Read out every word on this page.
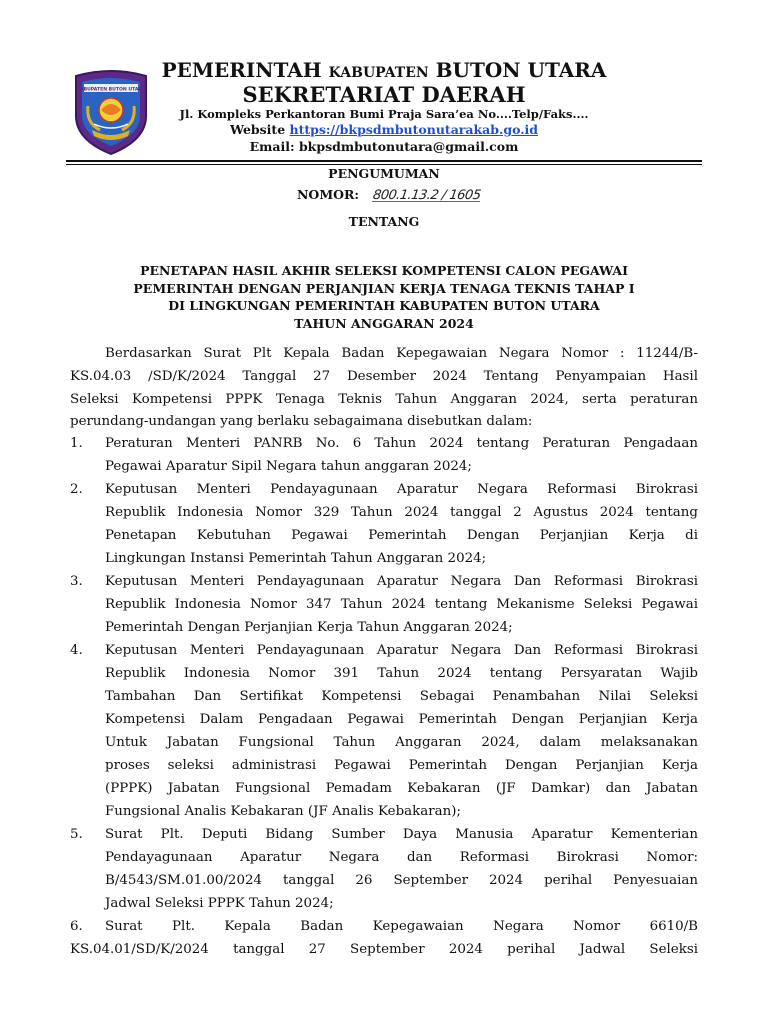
KABUPATEN BUTON UTARA
PEMERINTAH KABUPATEN BUTON UTARA
SEKRETARIAT DAERAH
Jl. Kompleks Perkantoran Bumi Praja Sara’ea No....Telp/Faks....
Website https://bkpsdmbutonutarakab.go.id
Email: bkpsdmbutonutara@gmail.com
PENGUMUMAN
NOMOR: 800.1.13.2 / 1605
TENTANG
PENETAPAN HASIL AKHIR SELEKSI KOMPETENSI CALON PEGAWAI
PEMERINTAH DENGAN PERJANJIAN KERJA TENAGA TEKNIS TAHAP I
DI LINGKUNGAN PEMERINTAH KABUPATEN BUTON UTARA
TAHUN ANGGARAN 2024
Berdasarkan Surat Plt Kepala Badan Kepegawaian Negara Nomor : 11244/B-
KS.04.03 /SD/K/2024 Tanggal 27 Desember 2024 Tentang Penyampaian Hasil
Seleksi Kompetensi PPPK Tenaga Teknis Tahun Anggaran 2024, serta peraturan
perundang-undangan yang berlaku sebagaimana disebutkan dalam:
1. Peraturan Menteri PANRB No. 6 Tahun 2024 tentang Peraturan Pengadaan
Pegawai Aparatur Sipil Negara tahun anggaran 2024;
2. Keputusan Menteri Pendayagunaan Aparatur Negara Reformasi Birokrasi
Republik Indonesia Nomor 329 Tahun 2024 tanggal 2 Agustus 2024 tentang
Penetapan Kebutuhan Pegawai Pemerintah Dengan Perjanjian Kerja di
Lingkungan Instansi Pemerintah Tahun Anggaran 2024;
3. Keputusan Menteri Pendayagunaan Aparatur Negara Dan Reformasi Birokrasi
Republik Indonesia Nomor 347 Tahun 2024 tentang Mekanisme Seleksi Pegawai
Pemerintah Dengan Perjanjian Kerja Tahun Anggaran 2024;
4. Keputusan Menteri Pendayagunaan Aparatur Negara Dan Reformasi Birokrasi
Republik Indonesia Nomor 391 Tahun 2024 tentang Persyaratan Wajib
Tambahan Dan Sertifikat Kompetensi Sebagai Penambahan Nilai Seleksi
Kompetensi Dalam Pengadaan Pegawai Pemerintah Dengan Perjanjian Kerja
Untuk Jabatan Fungsional Tahun Anggaran 2024, dalam melaksanakan
proses seleksi administrasi Pegawai Pemerintah Dengan Perjanjian Kerja
(PPPK) Jabatan Fungsional Pemadam Kebakaran (JF Damkar) dan Jabatan
Fungsional Analis Kebakaran (JF Analis Kebakaran);
5. Surat Plt. Deputi Bidang Sumber Daya Manusia Aparatur Kementerian
Pendayagunaan Aparatur Negara dan Reformasi Birokrasi Nomor:
B/4543/SM.01.00/2024 tanggal 26 September 2024 perihal Penyesuaian
Jadwal Seleksi PPPK Tahun 2024;
6. Surat Plt. Kepala Badan Kepegawaian Negara Nomor 6610/B
KS.04.01/SD/K/2024 tanggal 27 September 2024 perihal Jadwal Seleksi
